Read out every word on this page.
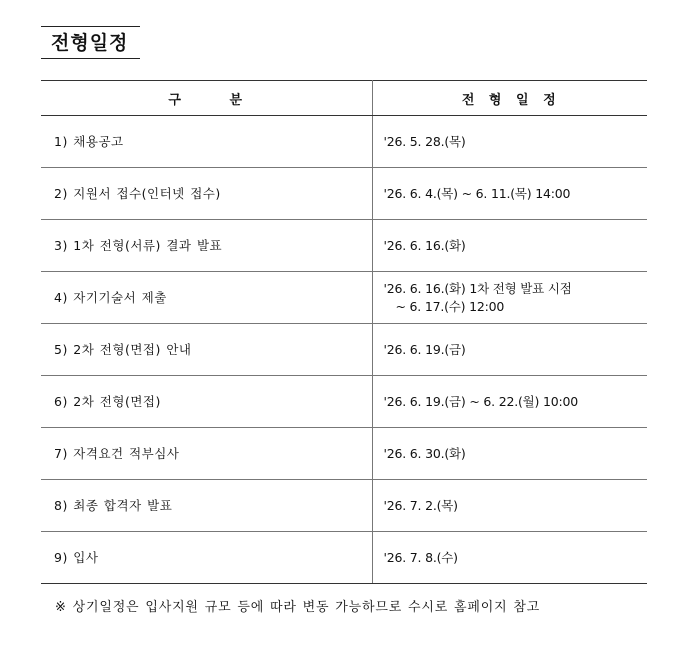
전형일정
구 분	전 형 일 정
1) 채용공고	'26. 5. 28.(목)
2) 지원서 접수(인터넷 접수)	'26. 6. 4.(목) ~ 6. 11.(목) 14:00
3) 1차 전형(서류) 결과 발표	'26. 6. 16.(화)
4) 자기기술서 제출	'26. 6. 16.(화) 1차 전형 발표 시점
~ 6. 17.(수) 12:00

5) 2차 전형(면접) 안내	'26. 6. 19.(금)
6) 2차 전형(면접)	'26. 6. 19.(금) ~ 6. 22.(월) 10:00
7) 자격요건 적부심사	'26. 6. 30.(화)
8) 최종 합격자 발표	'26. 7. 2.(목)
9) 입사	'26. 7. 8.(수)
※ 상기일정은 입사지원 규모 등에 따라 변동 가능하므로 수시로 홈페이지 참고
